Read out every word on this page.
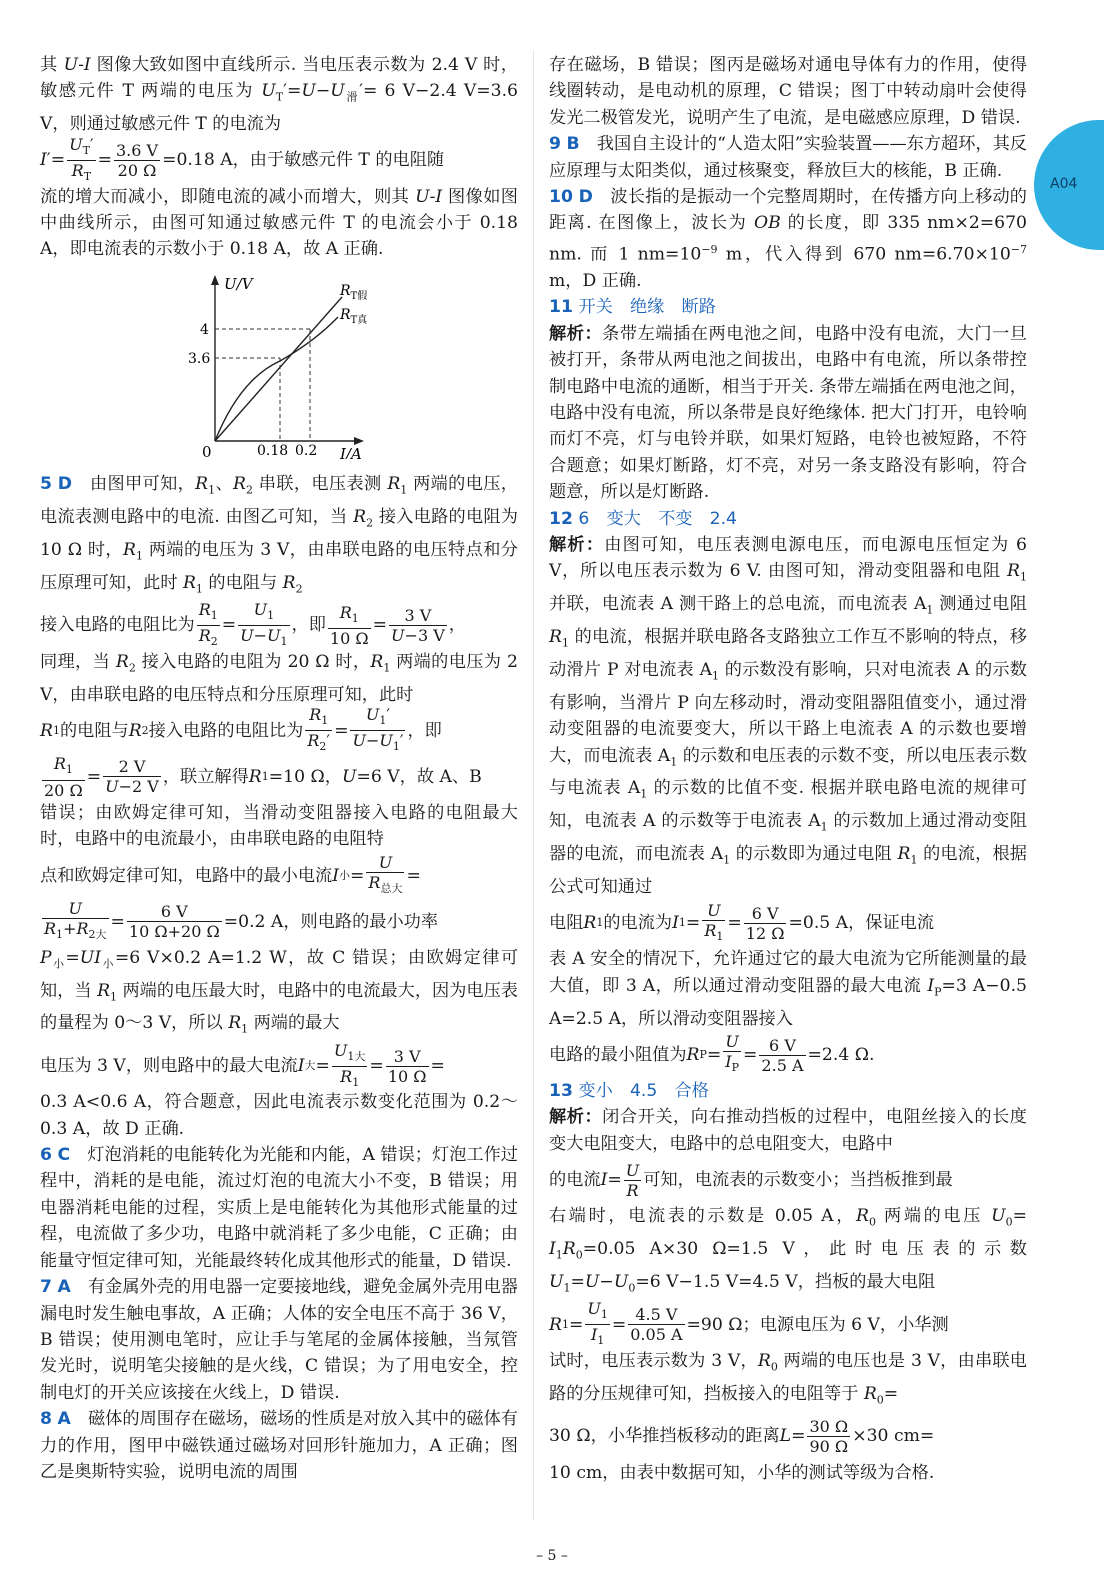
A04

其 U-I 图像大致如图中直线所示. 当电压表示数为 2.4 V 时，敏感元件 T 两端的电压为 $U_T'=U-U_滑'= 6$ V−2.4 V=3.6 V，则通过敏感元件 T 的电流为

I ′= $\frac{U_T'}{R_T} = \frac{3.6 V}{20 \Omega} =0.18$ A，由于敏感元件 T 的电阻随

流的增大而减小，即随电流的减小而增大，则其 U-I 图像如图中曲线所示，由图可知通过敏感元件 T 的电流会小于 0.18 A，即电流表的示数小于 0.18 A，故 A 正确.

U/V
I/A
0
4
3.6
0.18 0.2
$R_{T假}$
$R_{T真}$

5 D　由图甲可知，$R_1$、$R_2$ 串联，电压表测 $R_1$ 两端的电压，电流表测电路中的电流. 由图乙可知，当 $R_2$ 接入电路的电阻为 10 Ω 时，$R_1$ 两端的电压为 3 V，由串联电路的电压特点和分压原理可知，此时 $R_1$ 的电阻与 $R_2$

接入电路的电阻比为 $\frac{R_1}{R_2} = \frac{U_1}{U-U_1}$ ，即 $\frac{R_1}{10 \Omega} = \frac{3 V}{U-3 V}$ ，

同理，当 $R_2$ 接入电路的电阻为 20 Ω 时，$R_1$ 两端的电压为 2 V，由串联电路的电压特点和分压原理可知，此时

R 1 的电阻与 R 2 接入电路的电阻比为 $\frac{R_1}{R_2'} = \frac{U_1'}{U-U_1'}$ ，即
$\frac{R_1}{20 \Omega} = \frac{2 V}{U-2 V}$ ，联立解得 R 1 =10 Ω， U =6 V，故 A、B

错误；由欧姆定律可知，当滑动变阻器接入电路的电阻最大时，电路中的电流最小，由串联电路的电阻特

点和欧姆定律可知，电路中的最小电流 I 小 = $\frac{U}{R_{总大}}$ =
$\frac{U}{R_1+R_{2大}} = \frac{6 V}{10 \Omega+20 \Omega} =0.2$ A，则电路的最小功率

$P_小=UI_小=6$ V×0.2 A=1.2 W，故 C 错误；由欧姆定律可知，当 $R_1$ 两端的电压最大时，电路中的电流最大，因为电压表的量程为 0～3 V，所以 $R_1$ 两端的最大

电压为 3 V，则电路中的最大电流 I 大 = $\frac{U_{1大}}{R_1} = \frac{3 V}{10 \Omega}$ =

0.3 A<0.6 A，符合题意，因此电流表示数变化范围为 0.2～0.3 A，故 D 正确.

6 C　 灯泡消耗的电能转化为光能和内能，A 错误；灯泡工作过程中，消耗的是电能，流过灯泡的电流大小不变，B 错误；用电器消耗电能的过程，实质上是电能转化为其他形式能量的过程，电流做了多少功，电路中就消耗了多少电能，C 正确；由能量守恒定律可知，光能最终转化成其他形式的能量，D 错误.

7 A　 有金属外壳的用电器一定要接地线，避免金属外壳用电器漏电时发生触电事故，A 正确；人体的安全电压不高于 36 V，B 错误；使用测电笔时，应让手与笔尾的金属体接触，当氖管发光时，说明笔尖接触的是火线，C 错误；为了用电安全，控制电灯的开关应该接在火线上，D 错误.

8 A　 磁体的周围存在磁场，磁场的性质是对放入其中的磁体有力的作用，图甲中磁铁通过磁场对回形针施加力，A 正确；图乙是奥斯特实验，说明电流的周围

存在磁场，B 错误；图丙是磁场对通电导体有力的作用，使得线圈转动，是电动机的原理，C 错误；图丁中转动扇叶会使得发光二极管发光，说明产生了电流，是电磁感应原理，D 错误.

9 B　 我国自主设计的“人造太阳”实验装置——东方超环，其反应原理与太阳类似，通过核聚变，释放巨大的核能，B 正确.

10 D　波长指的是振动一个完整周期时，在传播方向上移动的距离. 在图像上，波长为 OB 的长度，即 335 nm×2=670 nm. 而 1 $nm=10^{-9}$ m，代入得到 670 $nm=6.70\times 10^{-7}$ m，D 正确.

11 开关　绝缘　断路

解析：条带左端插在两电池之间，电路中没有电流，大门一旦被打开，条带从两电池之间拔出，电路中有电流，所以条带控制电路中电流的通断，相当于开关. 条带左端插在两电池之间，电路中没有电流，所以条带是良好绝缘体. 把大门打开，电铃响而灯不亮，灯与电铃并联，如果灯短路，电铃也被短路，不符合题意；如果灯断路，灯不亮，对另一条支路没有影响，符合题意，所以是灯断路.

12 6　变大　不变　2.4

解析：由图可知，电压表测电源电压，而电源电压恒定为 6 V，所以电压表示数为 6 V. 由图可知，滑动变阻器和电阻 $R_1$ 并联，电流表 A 测干路上的总电流，而电流表 $A_1$ 测通过电阻 $R_1$ 的电流，根据并联电路各支路独立工作互不影响的特点，移动滑片 P 对电流表 $A_1$ 的示数没有影响，只对电流表 A 的示数有影响，当滑片 P 向左移动时，滑动变阻器阻值变小，通过滑动变阻器的电流要变大，所以干路上电流表 A 的示数也要增大，而电流表 $A_1$ 的示数和电压表的示数不变，所以电压表示数与电流表 $A_1$ 的示数的比值不变. 根据并联电路电流的规律可知，电流表 A 的示数等于电流表 $A_1$ 的示数加上通过滑动变阻器的电流，而电流表 $A_1$ 的示数即为通过电阻 $R_1$ 的电流，根据公式可知通过

电阻 R 1 的电流为 I $1 = \frac{U}{R_1} = \frac{6 V}{12 \Omega} =0.5$ A，保证电流

表 A 安全的情况下，允许通过它的最大电流为它所能测量的最大值，即 3 A，所以通过滑动变阻器的最大电流 $I_P=3$ A−0.5 A=2.5 A，所以滑动变阻器接入

电路的最小阻值为 R $P = \frac{U}{I_P} = \frac{6 V}{2.5 A} =2.4$ Ω.

13 变小　4.5　合格

解析：闭合开关，向右推动挡板的过程中，电阻丝接入的长度变大电阻变大，电路中的总电阻变大，电路中

的电流 $I = \frac{U}{R}$ 可知，电流表的示数变小；当挡板推到最

右端时，电流表的示数是 0.05 A，$R_0$ 两端的电压 $U_0= I_1R_0=0.05$ A×30 Ω=1.5 V，此时电压表的示数 $U_1=U-U_0=6$ V−1.5 V=4.5 V，挡板的最大电阻

R $1 = \frac{U_1}{I_1} = \frac{4.5 V}{0.05 A} =90$ Ω；电源电压为 6 V，小华测

试时，电压表示数为 3 V，$R_0$ 两端的电压也是 3 V，由串联电路的分压规律可知，挡板接入的电阻等于 $R_0=$

30 Ω，小华推挡板移动的距离 $L = \frac{30 \Omega}{90 \Omega} \times 30$ cm=

10 cm，由表中数据可知，小华的测试等级为合格.

– 5 –
